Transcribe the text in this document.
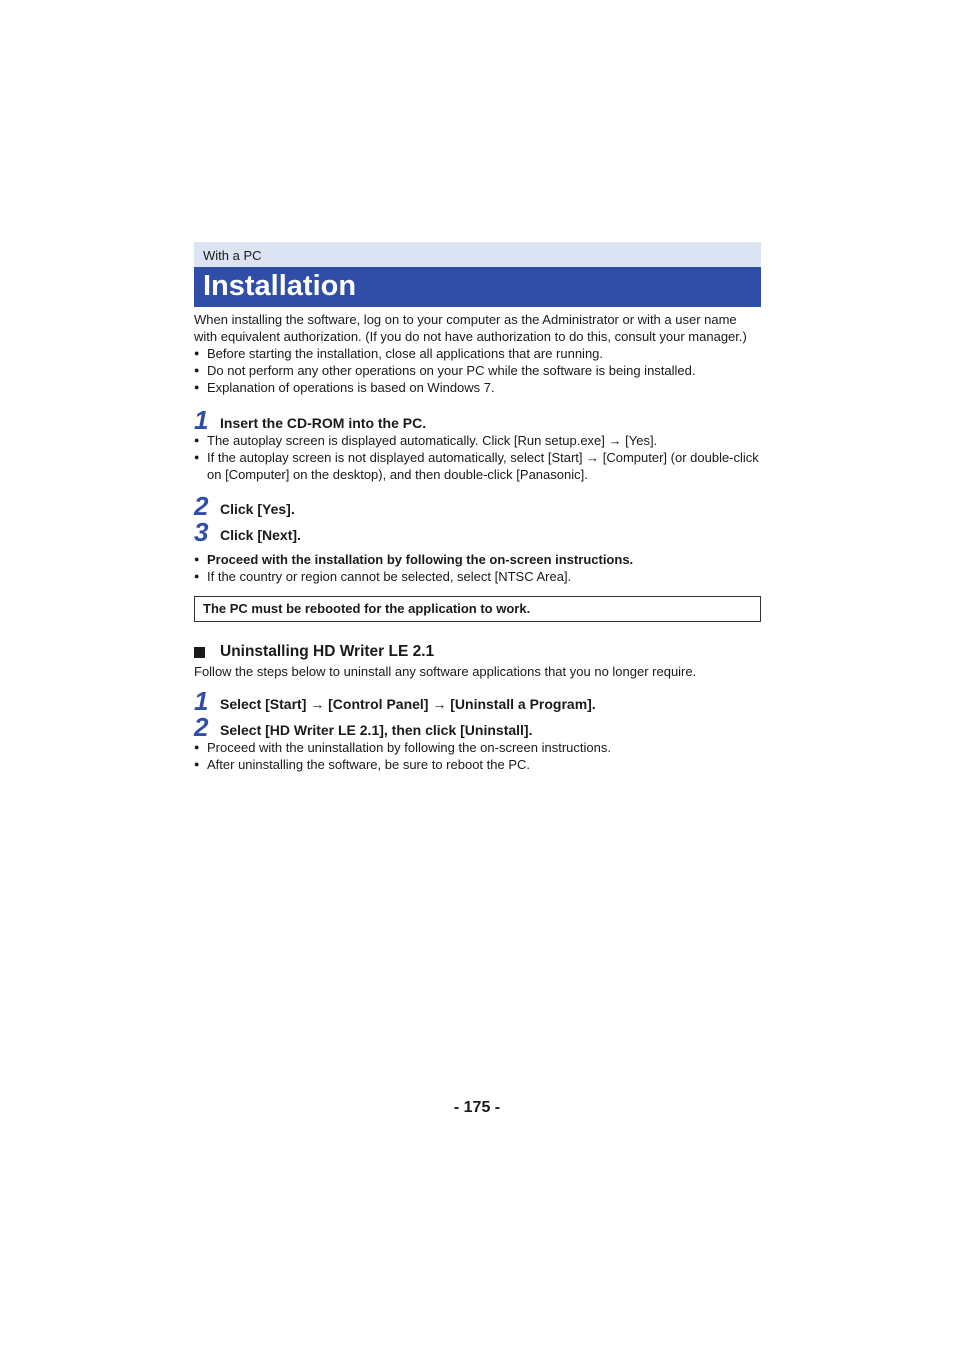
With a PC
Installation
When installing the software, log on to your computer as the Administrator or with a user name with equivalent authorization. (If you do not have authorization to do this, consult your manager.)
● Before starting the installation, close all applications that are running.
● Do not perform any other operations on your PC while the software is being installed.
● Explanation of operations is based on Windows 7.
1 Insert the CD-ROM into the PC.
● The autoplay screen is displayed automatically. Click [Run setup.exe] → [Yes].
● If the autoplay screen is not displayed automatically, select [Start] → [Computer] (or double-click on [Computer] on the desktop), and then double-click [Panasonic].
2 Click [Yes].
3 Click [Next].
● Proceed with the installation by following the on-screen instructions.
● If the country or region cannot be selected, select [NTSC Area].
The PC must be rebooted for the application to work.
Uninstalling HD Writer LE 2.1
Follow the steps below to uninstall any software applications that you no longer require.
1 Select [Start] → [Control Panel] → [Uninstall a Program].
2 Select [HD Writer LE 2.1], then click [Uninstall].
● Proceed with the uninstallation by following the on-screen instructions.
● After uninstalling the software, be sure to reboot the PC.
- 175 -
